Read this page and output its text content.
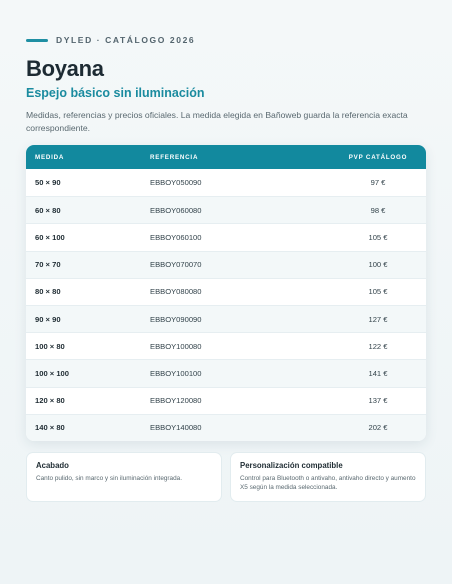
DYLED · CATÁLOGO 2026
Boyana
Espejo básico sin iluminación

Medidas, referencias y precios oficiales. La medida elegida en Bañoweb guarda la referencia exacta correspondiente.

MEDIDA	REFERENCIA	PVP CATÁLOGO
50 × 90	EBBOY050090	97 €
60 × 80	EBBOY060080	98 €
60 × 100	EBBOY060100	105 €
70 × 70	EBBOY070070	100 €
80 × 80	EBBOY080080	105 €
90 × 90	EBBOY090090	127 €
100 × 80	EBBOY100080	122 €
100 × 100	EBBOY100100	141 €
120 × 80	EBBOY120080	137 €
140 × 80	EBBOY140080	202 €
Acabado
Canto pulido, sin marco y sin iluminación integrada.
Personalización compatible
Control para Bluetooth o antivaho, antivaho directo y aumento X5 según la medida seleccionada.
